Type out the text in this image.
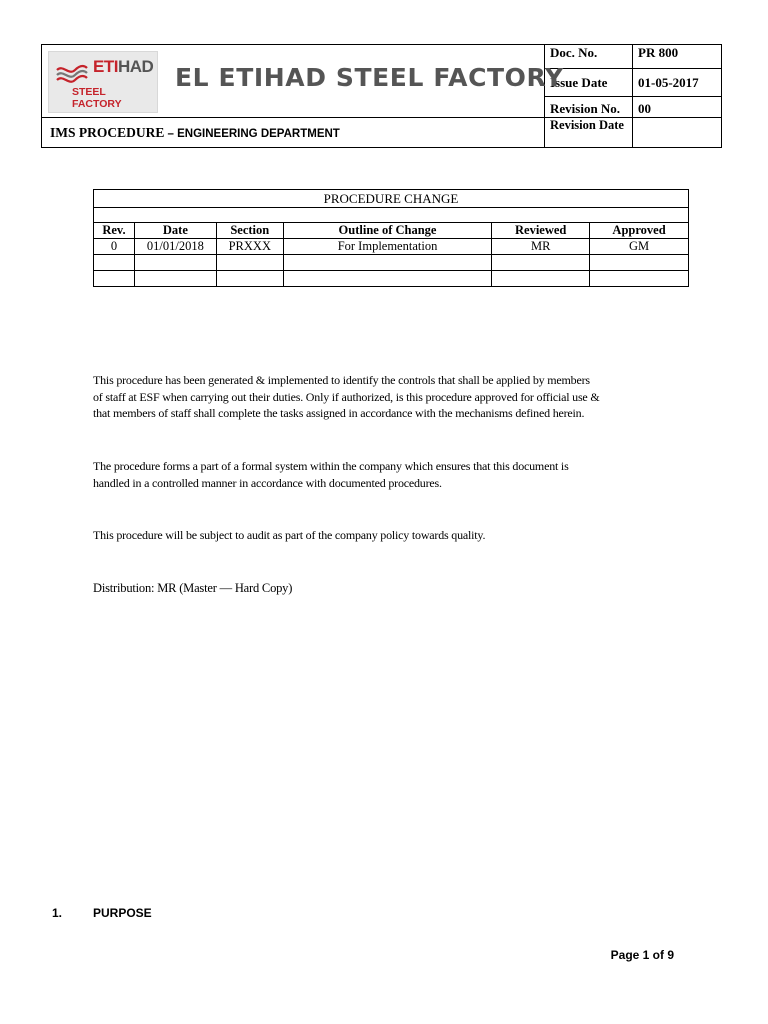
ETIHAD
STEEL FACTORY
EL ETIHAD STEEL FACTORY	Doc. No.	PR 800
	Issue Date	01-05-2017
	Revision No.	00
IMS PROCEDURE – ENGINEERING DEPARTMENT	Revision Date	
PROCEDURE CHANGE					

Rev.	Date	Section	Outline of Change	Reviewed	Approved
0	01/01/2018	PRXXX	For Implementation	MR	GM

This procedure has been generated & implemented to identify the controls that shall be applied by members
of staff at ESF when carrying out their duties. Only if authorized, is this procedure approved for official use &
that members of staff shall complete the tasks assigned in accordance with the mechanisms defined herein.
The procedure forms a part of a formal system within the company which ensures that this document is
handled in a controlled manner in accordance with documented procedures.
This procedure will be subject to audit as part of the company policy towards quality.
Distribution: MR (Master — Hard Copy)
1.	PURPOSE
Page 1 of 9
